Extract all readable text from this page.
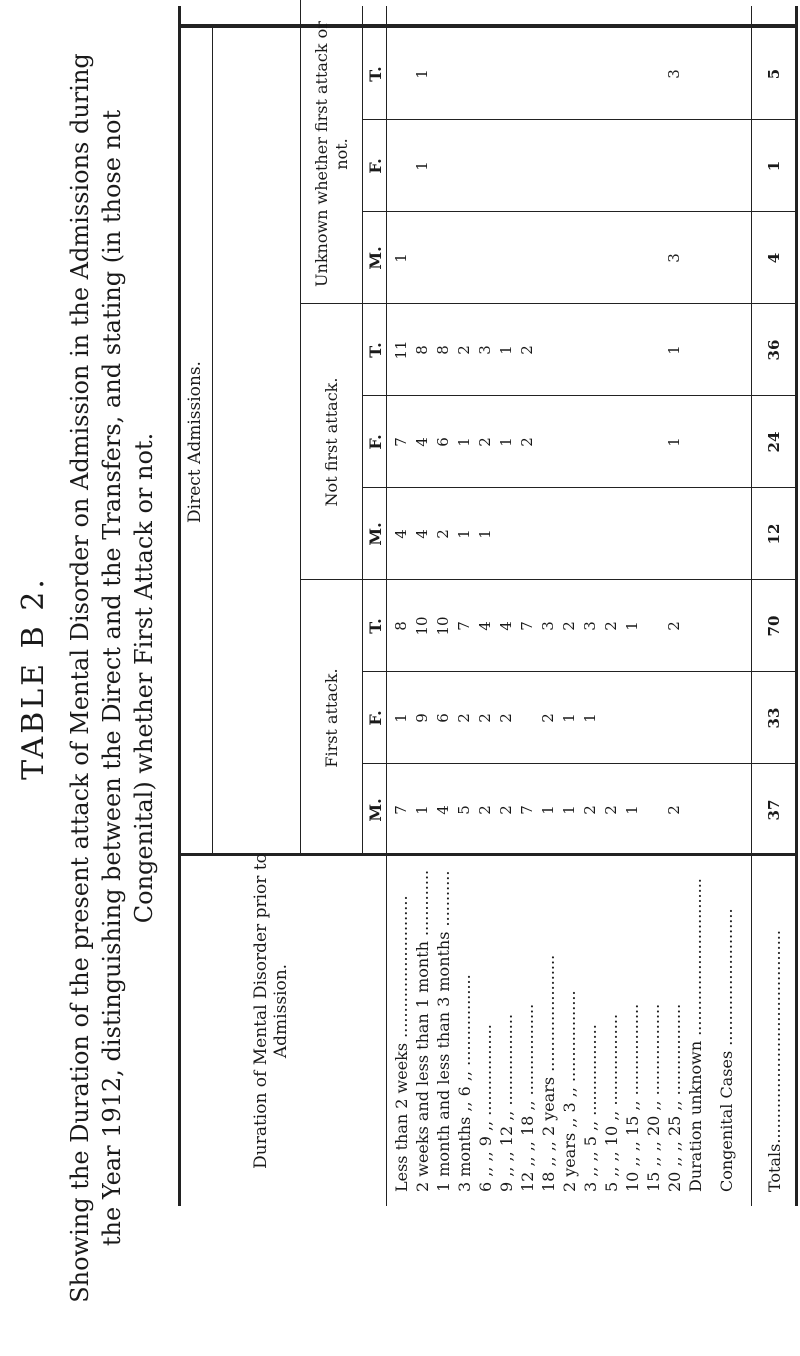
TABLE B 2. Showing the Duration of the present attack of Mental Disorder on Admission in the Admissions during the Year 1912, distinguishing between the Direct and the Transfers, and stating (in those not Congenital) whether First Attack or not.
Duration of Mental Disorder prior to Admission.
Direct Admissions.
First attack.
Not first attack.
Unknown whether first attack or not.
M.
F.
T.
M.
F.
T.
M.
F.
T.
Less than 2 weeks ............................
7
1
8
4
7
11
1
2 weeks and less than 1 month .............
1
9
10
4
4
8
1
1
1 month and less than 3 months ...........
4
6
10
2
6
8
3 months ,, 6 ,, ..................
5
2
7
1
1
2
6 ,, ,, 9 ,, ..................
2
2
4
1
2
3
9 ,, ,, 12 ,, ..................
2
2
4
1
1
12 ,, ,, 18 ,, ..................
7
7
2
2
18 ,, ,, 2 years .......................
1
2
3
2 years ,, 3 ,, ..................
1
1
2
3 ,, ,, 5 ,, ..................
2
1
3
5 ,, ,, 10 ,, ..................
2
2
10 ,, ,, 15 ,, ..................
1
1
15 ,, ,, 20 ,, .................. 20 ,, ,, 25 ,, ..................
2
2
1
1
3
3
Duration unknown ............................... Congenital Cases ........................... Totals..........................................
37
33
70
12
24
36
4
1
5
